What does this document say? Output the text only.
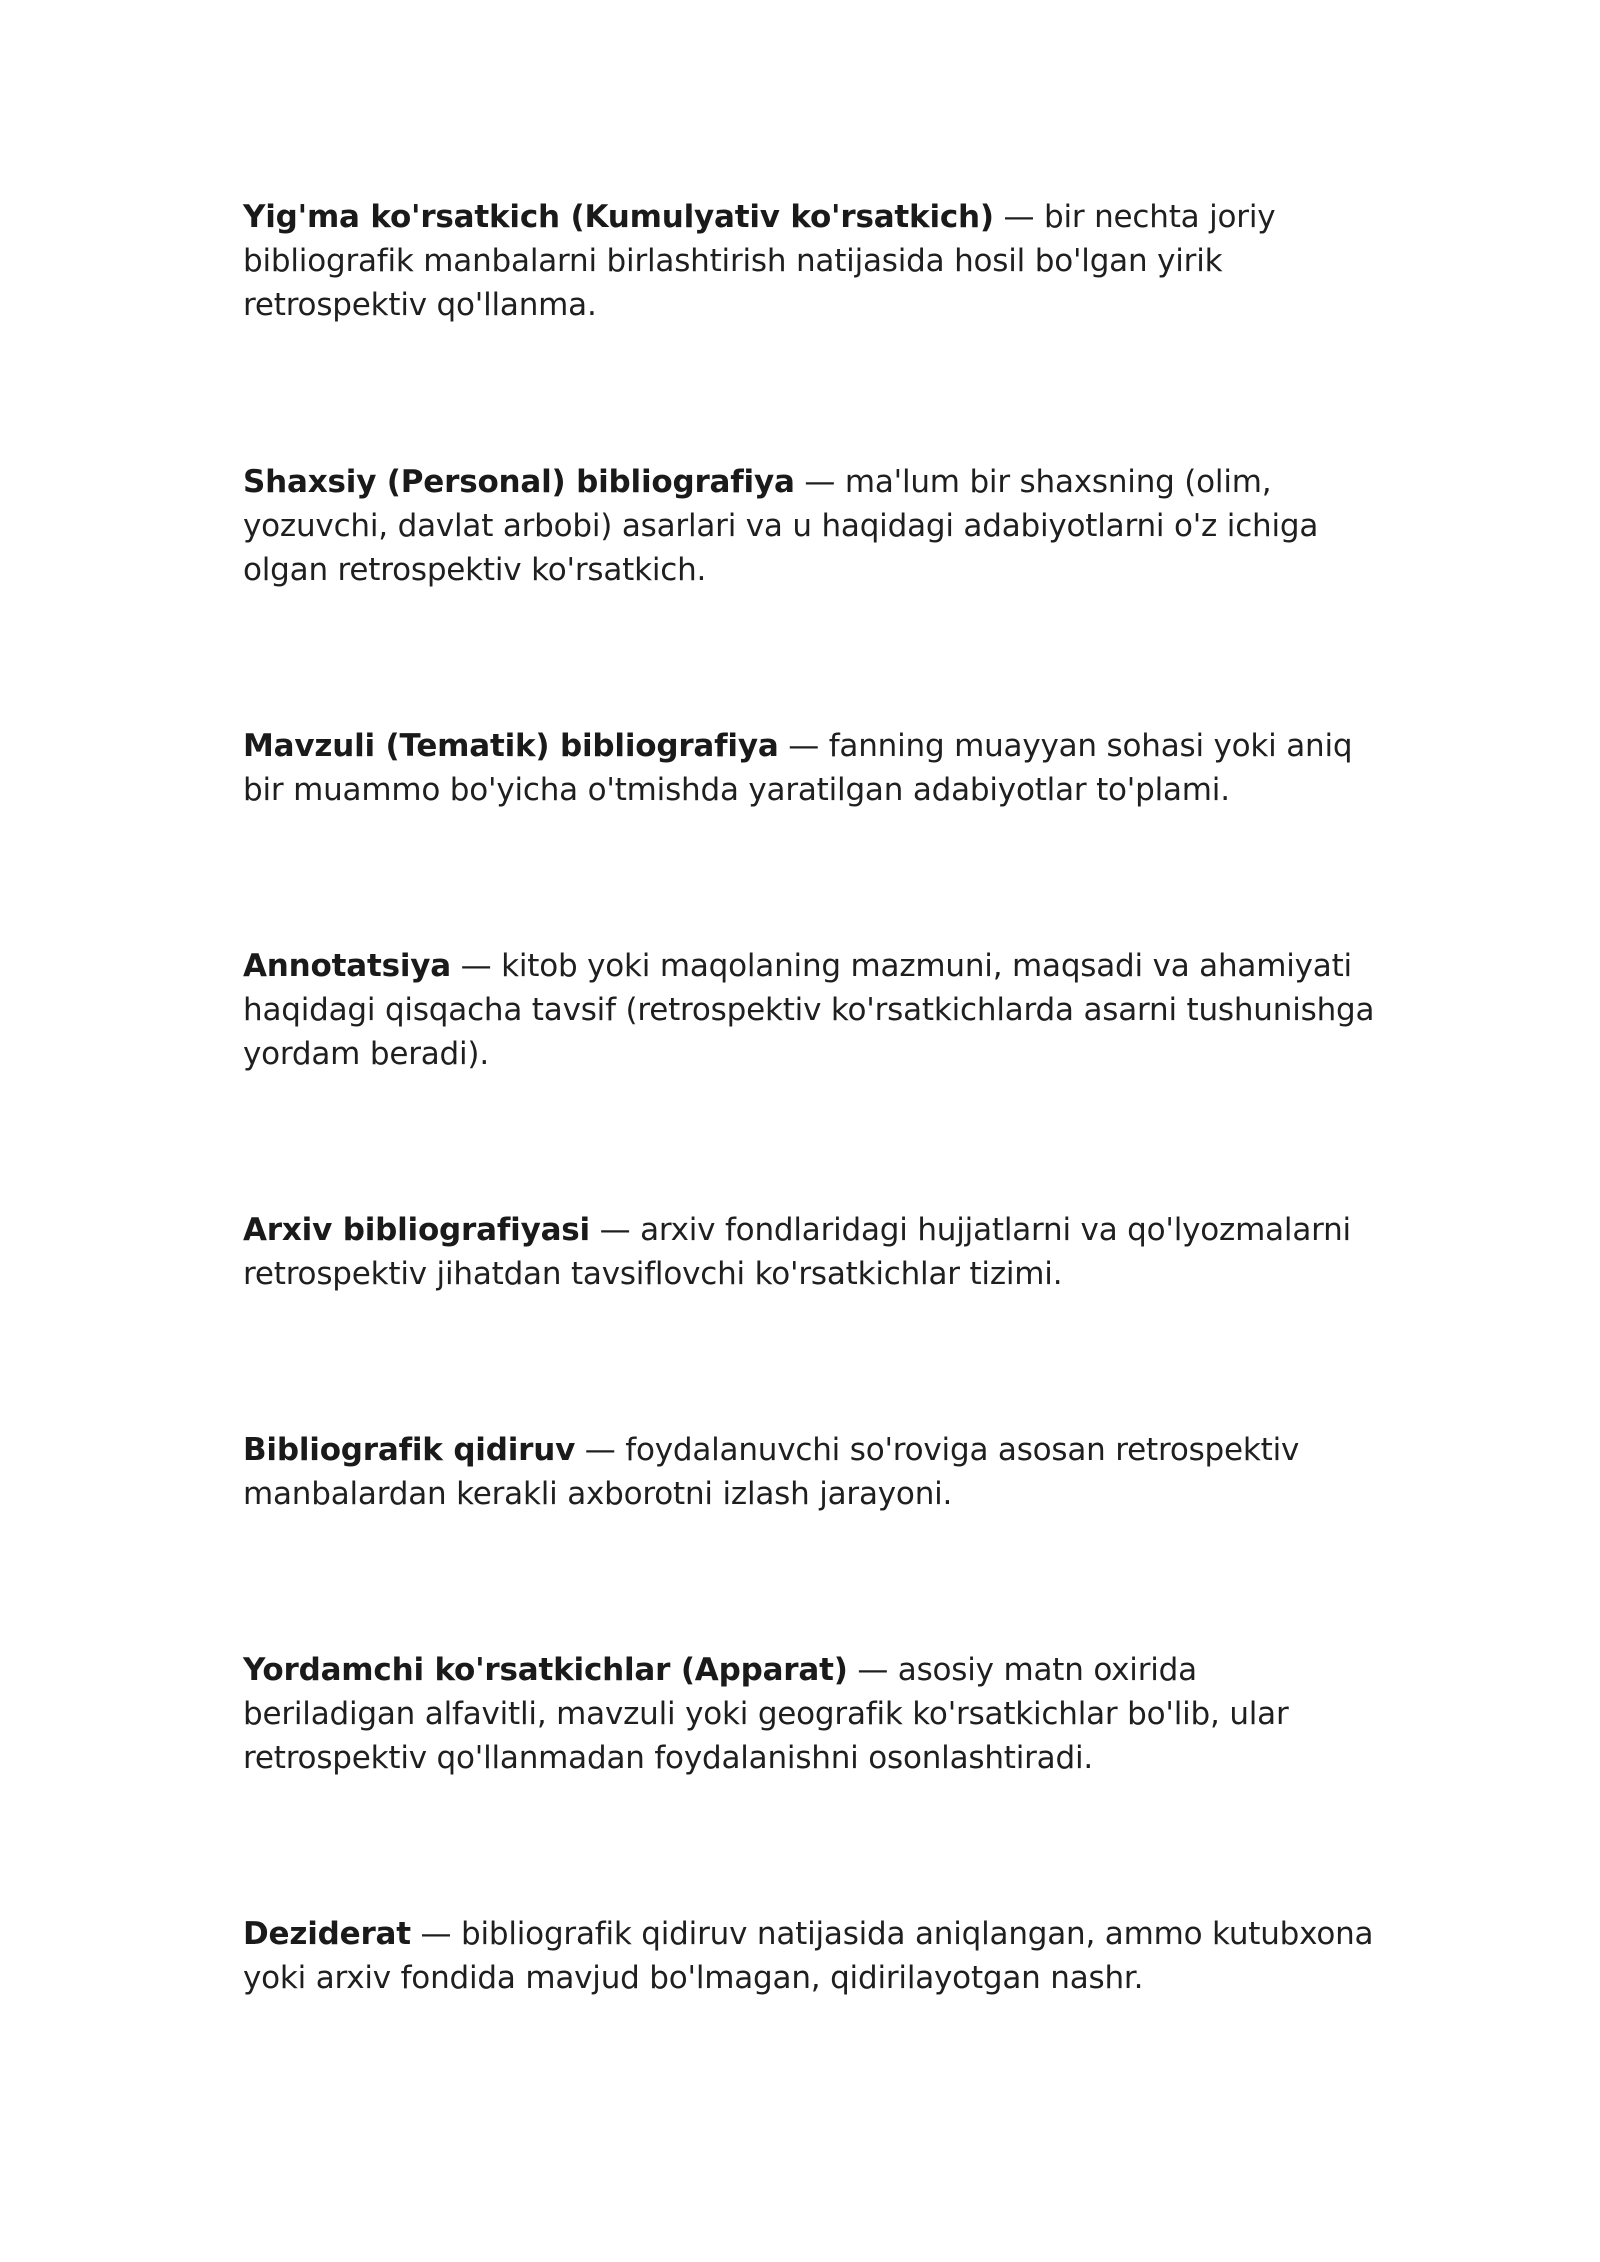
Yig'ma ko'rsatkich (Kumulyativ ko'rsatkich) — bir nechta joriy bibliografik manbalarni birlashtirish natijasida hosil bo'lgan yirik retrospektiv qo'llanma.

Shaxsiy (Personal) bibliografiya — ma'lum bir shaxsning (olim, yozuvchi, davlat arbobi) asarlari va u haqidagi adabiyotlarni o'z ichiga olgan retrospektiv ko'rsatkich.

Mavzuli (Tematik) bibliografiya — fanning muayyan sohasi yoki aniq bir muammo bo'yicha o'tmishda yaratilgan adabiyotlar to'plami.

Annotatsiya — kitob yoki maqolaning mazmuni, maqsadi va ahamiyati haqidagi qisqacha tavsif (retrospektiv ko'rsatkichlarda asarni tushunishga yordam beradi).

Arxiv bibliografiyasi — arxiv fondlaridagi hujjatlarni va qo'lyozmalarni retrospektiv jihatdan tavsiflovchi ko'rsatkichlar tizimi.

Bibliografik qidiruv — foydalanuvchi so'roviga asosan retrospektiv manbalardan kerakli axborotni izlash jarayoni.

Yordamchi ko'rsatkichlar (Apparat) — asosiy matn oxirida beriladigan alfavitli, mavzuli yoki geografik ko'rsatkichlar bo'lib, ular retrospektiv qo'llanmadan foydalanishni osonlashtiradi.

Deziderat — bibliografik qidiruv natijasida aniqlangan, ammo kutubxona yoki arxiv fondida mavjud bo'lmagan, qidirilayotgan nashr.
